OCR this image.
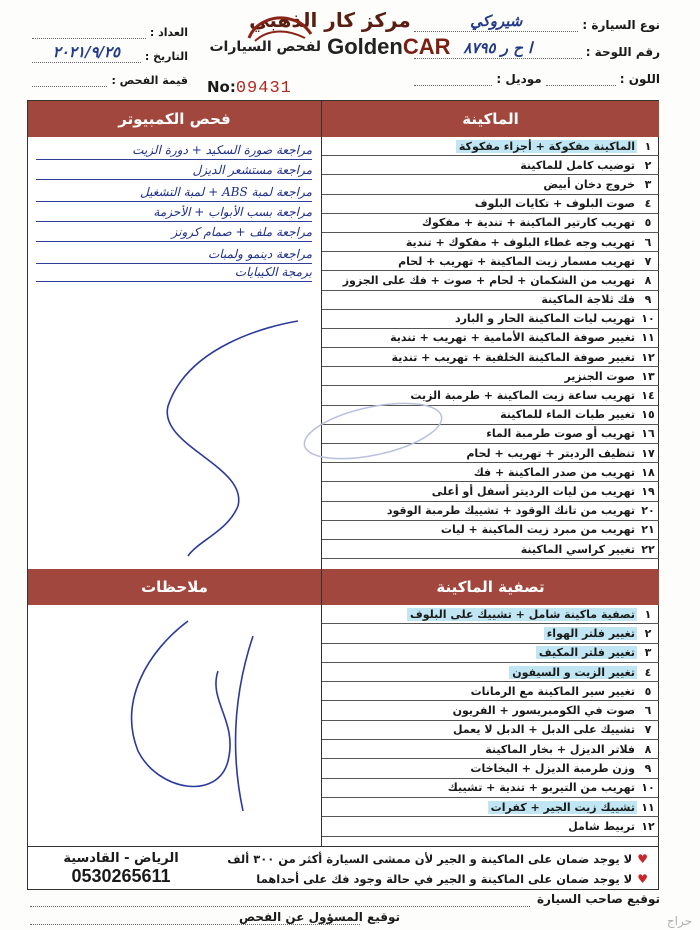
نوع السيارة :
شيروكي
رقم اللوحة :
ا ح ر ٨٧٩٥
اللون :
موديل :
مركز كار الذهبي
لفحص السيارات GoldenCAR
العداد :
التاريخ :
٢٠٢١/٩/٢٥
قيمة الفحص : No:09431
الماكينة
فحص الكمبيوتر
١
الماكينة مفكوكة + أجزاء مفكوكة
٢
توضيب كامل للماكينة
٣
خروج دخان أبيض
٤
صوت البلوف + تكايات البلوف
٥
تهريب كارتير الماكينة + تندية + مفكوك
٦
تهريب وجه غطاء البلوف + مفكوك + تندية
٧
تهريب مسمار زيت الماكينة + تهريب + لحام
٨
تهريب من الشكمان + لحام + صوت + فك على الجزوز
٩
فك ثلاجة الماكينة
١٠
تهريب ليات الماكينة الحار و البارد
١١
تغيير صوفة الماكينة الأمامية + تهريب + تندية
١٢
تغيير صوفة الماكينة الخلفية + تهريب + تندية
١٣
صوت الجنزير
١٤
تهريب ساعة زيت الماكينة + طرمبة الزيت
١٥
تغيير طبات الماء للماكينة
١٦
تهريب أو صوت طرمبة الماء
١٧
تنظيف الرديتر + تهريب + لحام
١٨
تهريب من صدر الماكينة + فك
١٩
تهريب من ليات الرديتر أسفل أو أعلى
٢٠
تهريب من تانك الوقود + تشييك طرمبة الوقود
٢١
تهريب من مبرد زيت الماكينة + ليات
٢٢
تغيير كراسي الماكينة
تصفية الماكينة
ملاحظات
١
تصفية ماكينة شامل + تشييك على البلوف
٢
تغيير فلتر الهواء
٣
تغيير فلتر المكيف
٤
تغيير الزيت و السيفون
٥
تغيير سير الماكينة مع الرمانات
٦
صوت في الكومبريسور + الفريون
٧
تشييك على الدبل + الدبل لا يعمل
٨
فلاتر الديزل + بخار الماكينة
٩
وزن طرمبة الديزل + البخاخات
١٠
تهريب من التيربو + تندية + تشييك
١١
تشييك زيت الجير + كفرات
١٢
تربيط شامل
♥
لا يوجد ضمان على الماكينة و الجير لأن ممشى السيارة أكثر من ٣٠٠ ألف
♥
لا يوجد ضمان على الماكينة و الجير في حالة وجود فك على أحداهما
الرياض - القادسية
0530265611
مراجعة صورة السكيد + دورة الزيت
مراجعة مستشعر الديزل
مراجعة لمبة ABS + لمبة التشغيل
مراجعة بسب الأبواب + الأحزمة
مراجعة ملف + صمام كرونز
مراجعة دينمو ولمبات
برمجة الكيبايات
توقيع صاحب السيارة
توقيع المسؤول عن الفحص	حراج
